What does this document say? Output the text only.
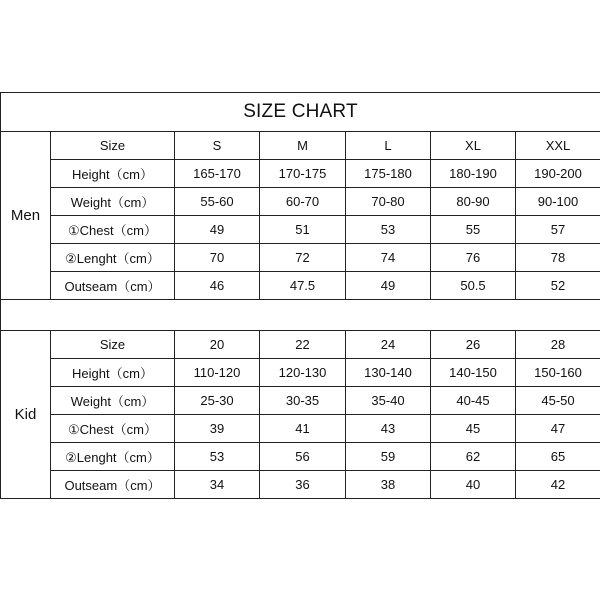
SIZE CHART						
Men	Size	S	M	L	XL	XXL
	Height（cm）	165-170	170-175	175-180	180-190	190-200
	Weight（cm）	55-60	60-70	70-80	80-90	90-100
	①Chest（cm）	49	51	53	55	57
	②Lenght（cm）	70	72	74	76	78
	Outseam（cm）	46	47.5	49	50.5	52

Kid	Size	20	22	24	26	28
	Height（cm）	110-120	120-130	130-140	140-150	150-160
	Weight（cm）	25-30	30-35	35-40	40-45	45-50
	①Chest（cm）	39	41	43	45	47
	②Lenght（cm）	53	56	59	62	65
	Outseam（cm）	34	36	38	40	42
